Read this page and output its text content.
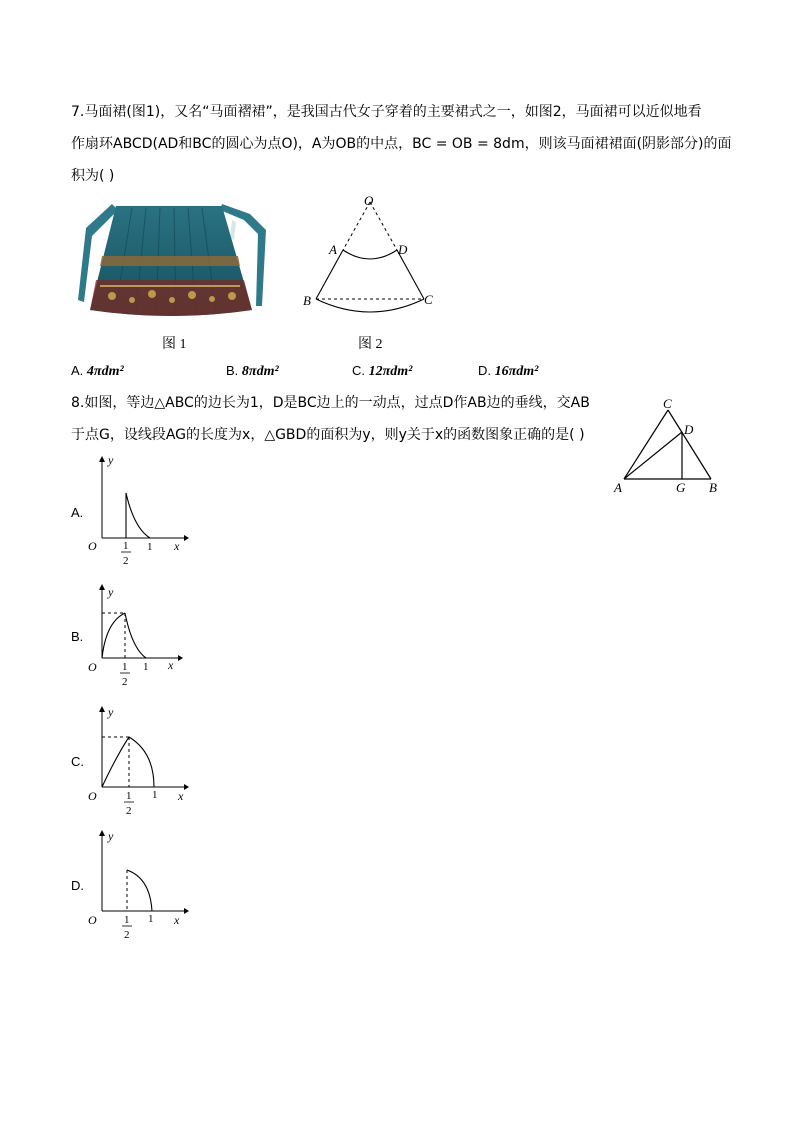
7.马面裙(图1)，又名“马面褶裙”，是我国古代女子穿着的主要裙式之一，如图2，马面裙可以近似地看
作扇环ABCD(AD和BC的圆心为点O)，A为OB的中点，BC = OB = 8dm，则该马面裙裙面(阴影部分)的面
积为( )
图 1
O
A	D
B	C
图 2
A. 4πdm²	B. 8πdm²	C. 12πdm²	D. 16πdm²
8.如图，等边△ABC的边长为1，D是BC边上的一动点，过点D作AB边的垂线，交AB
于点G，设线段AG的长度为x，△GBD的面积为y，则y关于x的函数图象正确的是( )
C
D
A	G B
A.
y
O	x
1
1
2
B.
y
O	x
1
1
2
C.
y
O	x
1
1
2
D.
y
O	x
1
1
2
